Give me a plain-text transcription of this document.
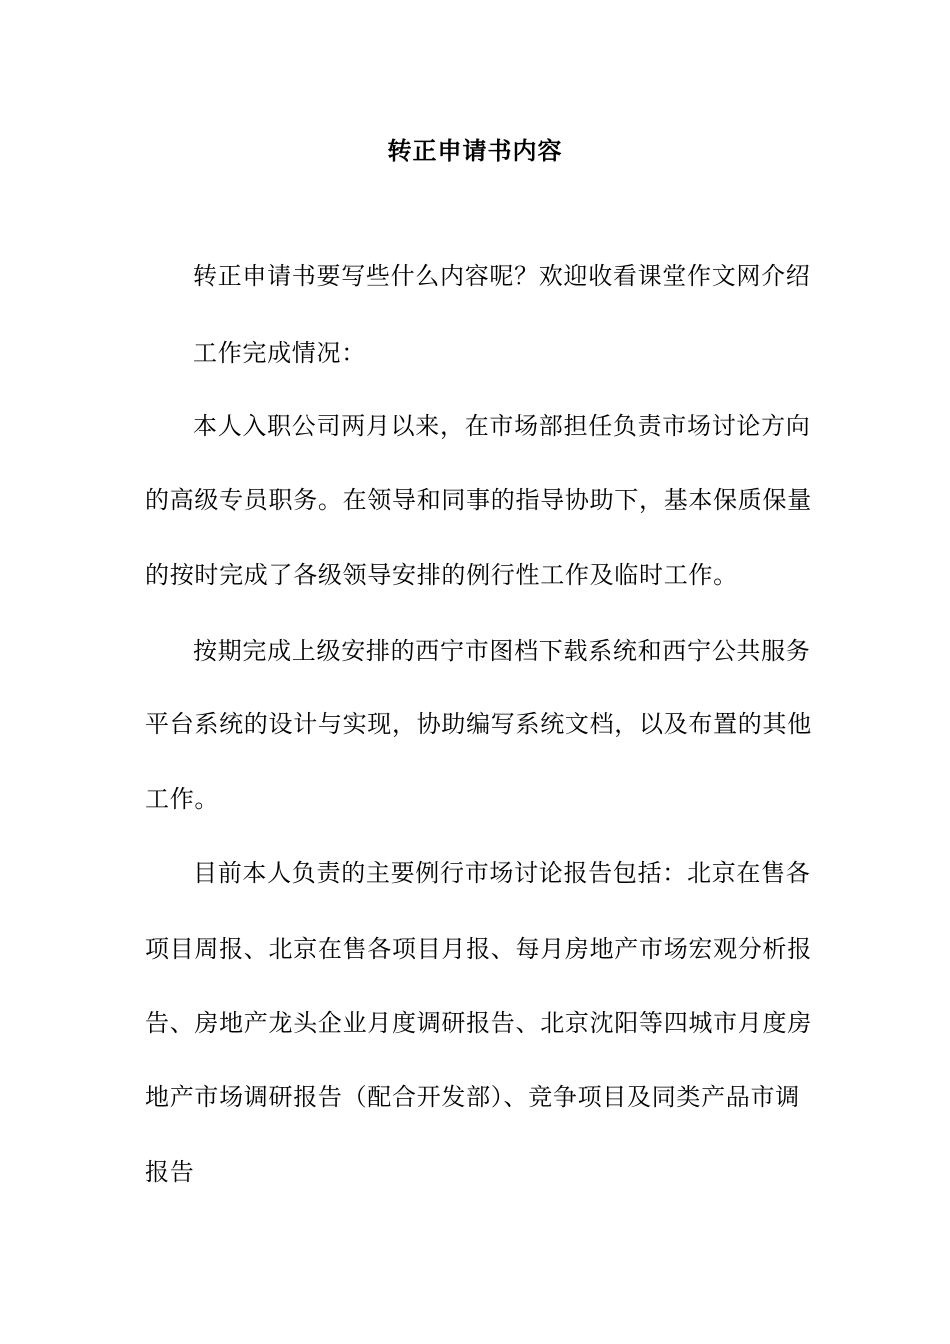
转正申请书内容
转正申请书要写些什么内容呢？欢迎收看课堂作文网介绍
工作完成情况：
本人入职公司两月以来，在市场部担任负责市场讨论方向
的高级专员职务。在领导和同事的指导协助下，基本保质保量
的按时完成了各级领导安排的例行性工作及临时工作。
按期完成上级安排的西宁市图档下载系统和西宁公共服务
平台系统的设计与实现，协助编写系统文档，以及布置的其他
工作。
目前本人负责的主要例行市场讨论报告包括：北京在售各
项目周报、北京在售各项目月报、每月房地产市场宏观分析报
告、房地产龙头企业月度调研报告、北京沈阳等四城市月度房
地产市场调研报告（配合开发部）、竞争项目及同类产品市调
报告
